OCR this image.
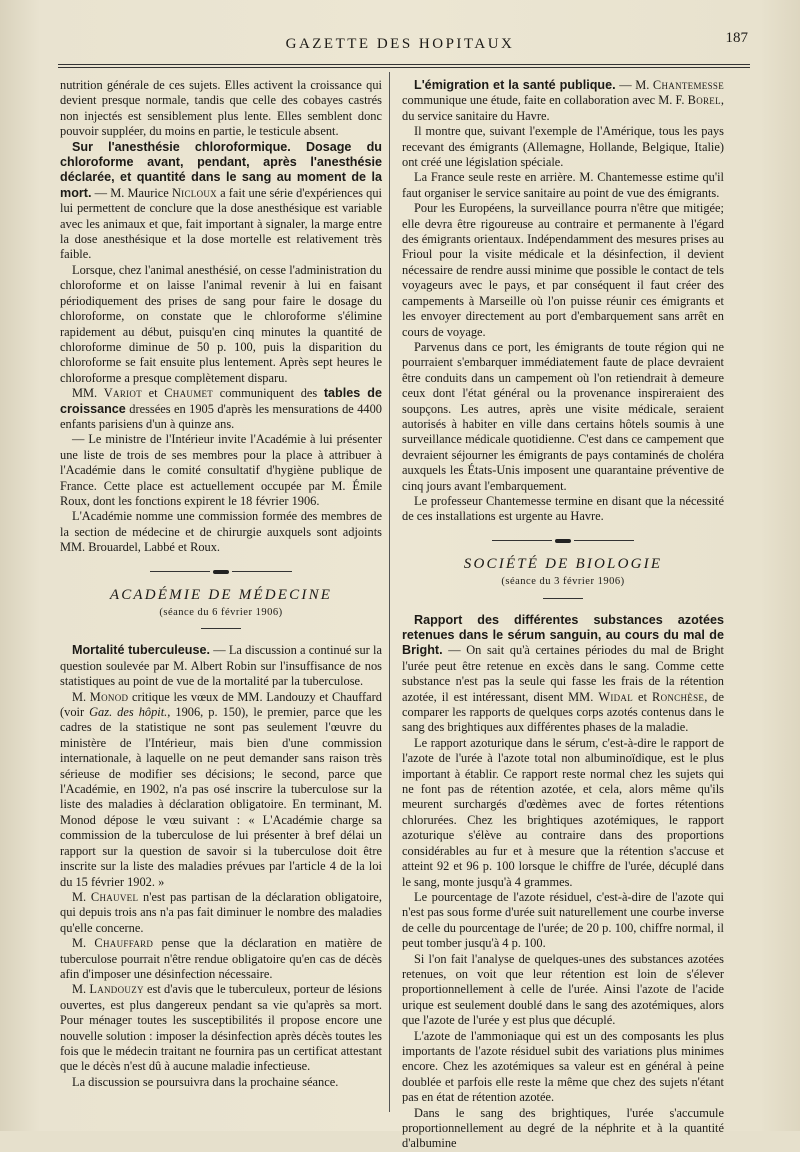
GAZETTE DES HOPITAUX	187

nutrition générale de ces sujets. Elles activent la croissance qui devient presque normale, tandis que celle des cobayes castrés non injectés est sensiblement plus lente. Elles semblent donc pouvoir suppléer, du moins en partie, le testicule absent.

Sur l'anesthésie chloroformique. Dosage du chloroforme avant, pendant, après l'anesthésie déclarée, et quantité dans le sang au moment de la mort. — M. Maurice Nicloux a fait une série d'expériences qui lui permettent de conclure que la dose anesthésique est variable avec les animaux et que, fait important à signaler, la marge entre la dose anesthésique et la dose mortelle est relativement très faible.

Lorsque, chez l'animal anesthésié, on cesse l'administration du chloroforme et on laisse l'animal revenir à lui en faisant périodiquement des prises de sang pour faire le dosage du chloroforme, on constate que le chloroforme s'élimine rapidement au début, puisqu'en cinq minutes la quantité de chloroforme diminue de 50 p. 100, puis la disparition du chloroforme se fait ensuite plus lentement. Après sept heures le chloroforme a presque complètement disparu.

MM. Variot et Chaumet communiquent des tables de croissance dressées en 1905 d'après les mensurations de 4400 enfants parisiens d'un à quinze ans.

— Le ministre de l'Intérieur invite l'Académie à lui présenter une liste de trois de ses membres pour la place à attribuer à l'Académie dans le comité consultatif d'hygiène publique de France. Cette place est actuellement occupée par M. Émile Roux, dont les fonctions expirent le 18 février 1906.

L'Académie nomme une commission formée des membres de la section de médecine et de chirurgie auxquels sont adjoints MM. Brouardel, Labbé et Roux.

ACADÉMIE DE MÉDECINE

(séance du 6 février 1906)

Mortalité tuberculeuse. — La discussion a continué sur la question soulevée par M. Albert Robin sur l'insuffisance de nos statistiques au point de vue de la mortalité par la tuberculose.

M. Monod critique les vœux de MM. Landouzy et Chauffard (voir Gaz. des hôpit., 1906, p. 150), le premier, parce que les cadres de la statistique ne sont pas seulement l'œuvre du ministère de l'Intérieur, mais bien d'une commission internationale, à laquelle on ne peut demander sans raison très sérieuse de modifier ses décisions; le second, parce que l'Académie, en 1902, n'a pas osé inscrire la tuberculose sur la liste des maladies à déclaration obligatoire. En terminant, M. Monod dépose le vœu suivant : « L'Académie charge sa commission de la tuberculose de lui présenter à bref délai un rapport sur la question de savoir si la tuberculose doit être inscrite sur la liste des maladies prévues par l'article 4 de la loi du 15 février 1902. »

M. Chauvel n'est pas partisan de la déclaration obligatoire, qui depuis trois ans n'a pas fait diminuer le nombre des maladies qu'elle concerne.

M. Chauffard pense que la déclaration en matière de tuberculose pourrait n'être rendue obligatoire qu'en cas de décès afin d'imposer une désinfection nécessaire.

M. Landouzy est d'avis que le tuberculeux, porteur de lésions ouvertes, est plus dangereux pendant sa vie qu'après sa mort. Pour ménager toutes les susceptibilités il propose encore une nouvelle solution : imposer la désinfection après décès toutes les fois que le médecin traitant ne fournira pas un certificat attestant que le décès n'est dû à aucune maladie infectieuse.

La discussion se poursuivra dans la prochaine séance.

L'émigration et la santé publique. — M. Chantemesse communique une étude, faite en collaboration avec M. F. Borel, du service sanitaire du Havre.

Il montre que, suivant l'exemple de l'Amérique, tous les pays recevant des émigrants (Allemagne, Hollande, Belgique, Italie) ont créé une législation spéciale.

La France seule reste en arrière. M. Chantemesse estime qu'il faut organiser le service sanitaire au point de vue des émigrants.

Pour les Européens, la surveillance pourra n'être que mitigée; elle devra être rigoureuse au contraire et permanente à l'égard des émigrants orientaux. Indépendamment des mesures prises au Frioul pour la visite médicale et la désinfection, il devient nécessaire de rendre aussi minime que possible le contact de tels voyageurs avec le pays, et par conséquent il faut créer des campements à Marseille où l'on puisse réunir ces émigrants et les envoyer directement au port d'embarquement sans arrêt en cours de voyage.

Parvenus dans ce port, les émigrants de toute région qui ne pourraient s'embarquer immédiatement faute de place devraient être conduits dans un campement où l'on retiendrait à demeure ceux dont l'état général ou la provenance inspireraient des soupçons. Les autres, après une visite médicale, seraient autorisés à habiter en ville dans certains hôtels soumis à une surveillance médicale quotidienne. C'est dans ce campement que devraient séjourner les émigrants de pays contaminés de choléra auxquels les États-Unis imposent une quarantaine préventive de cinq jours avant l'embarquement.

Le professeur Chantemesse termine en disant que la nécessité de ces installations est urgente au Havre.

SOCIÉTÉ DE BIOLOGIE

(séance du 3 février 1906)

Rapport des différentes substances azotées retenues dans le sérum sanguin, au cours du mal de Bright. — On sait qu'à certaines périodes du mal de Bright l'urée peut être retenue en excès dans le sang. Comme cette substance n'est pas la seule qui fasse les frais de la rétention azotée, il est intéressant, disent MM. Widal et Ronchèse, de comparer les rapports de quelques corps azotés contenus dans le sang des brightiques aux différentes phases de la maladie.

Le rapport azoturique dans le sérum, c'est-à-dire le rapport de l'azote de l'urée à l'azote total non albuminoïdique, est le plus important à établir. Ce rapport reste normal chez les sujets qui ne font pas de rétention azotée, et cela, alors même qu'ils meurent surchargés d'œdèmes avec de fortes rétentions chlorurées. Chez les brightiques azotémiques, le rapport azoturique s'élève au contraire dans des proportions considérables au fur et à mesure que la rétention s'accuse et atteint 92 et 96 p. 100 lorsque le chiffre de l'urée, décuplé dans le sang, monte jusqu'à 4 grammes.

Le pourcentage de l'azote résiduel, c'est-à-dire de l'azote qui n'est pas sous forme d'urée suit naturellement une courbe inverse de celle du pourcentage de l'urée; de 20 p. 100, chiffre normal, il peut tomber jusqu'à 4 p. 100.

Si l'on fait l'analyse de quelques-unes des substances azotées retenues, on voit que leur rétention est loin de s'élever proportionnellement à celle de l'urée. Ainsi l'azote de l'acide urique est seulement doublé dans le sang des azotémiques, alors que l'azote de l'urée y est plus que décuplé.

L'azote de l'ammoniaque qui est un des composants les plus importants de l'azote résiduel subit des variations plus minimes encore. Chez les azotémiques sa valeur est en général à peine doublée et parfois elle reste la même que chez des sujets n'étant pas en état de rétention azotée.

Dans le sang des brightiques, l'urée s'accumule proportionnellement au degré de la néphrite et à la quantité d'albumine
